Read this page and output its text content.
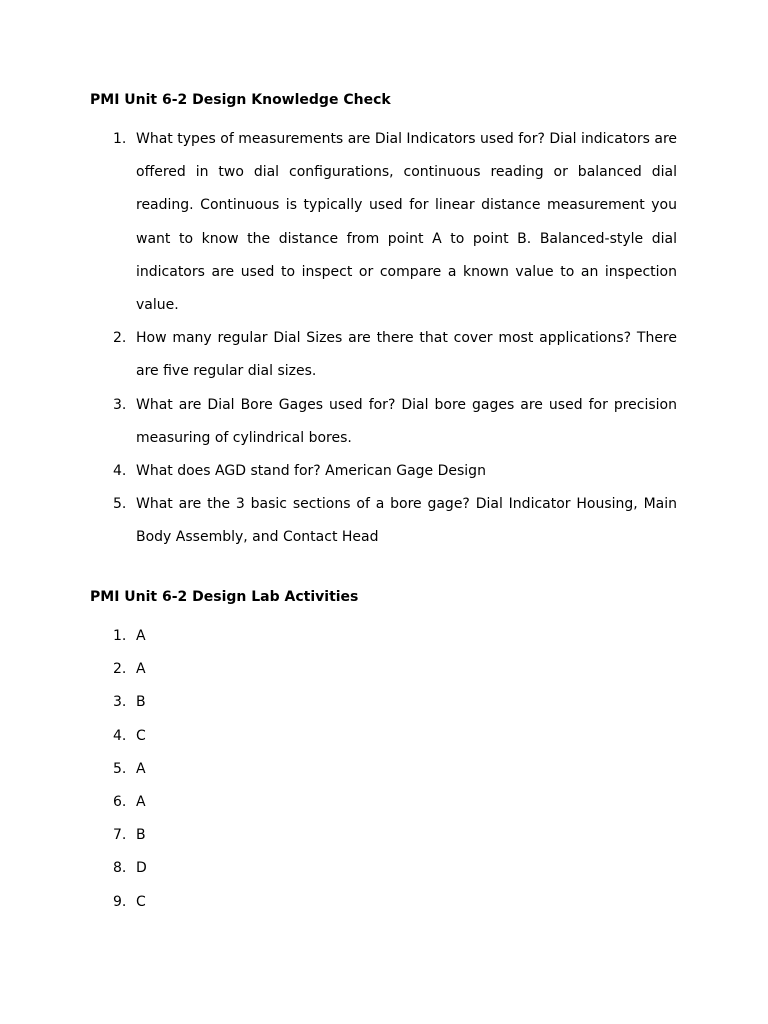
PMI Unit 6-2 Design Knowledge Check
1. What types of measurements are Dial Indicators used for? Dial indicators are offered in two dial configurations, continuous reading or balanced dial reading. Continuous is typically used for linear distance measurement you want to know the distance from point A to point B. Balanced-style dial indicators are used to inspect or compare a known value to an inspection value.
2. How many regular Dial Sizes are there that cover most applications? There are five regular dial sizes.
3. What are Dial Bore Gages used for? Dial bore gages are used for precision measuring of cylindrical bores.
4. What does AGD stand for? American Gage Design
5. What are the 3 basic sections of a bore gage? Dial Indicator Housing, Main Body Assembly, and Contact Head
PMI Unit 6-2 Design Lab Activities
1. A
2. A
3. B
4. C
5. A
6. A
7. B
8. D
9. C
